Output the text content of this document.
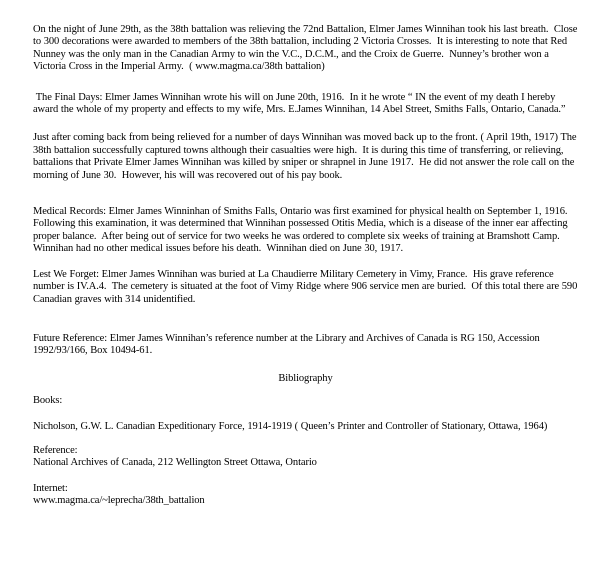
On the night of June 29th, as the 38th battalion was relieving the 72nd Battalion, Elmer James Winnihan took his last breath.  Close to 300 decorations were awarded to members of the 38th battalion, including 2 Victoria Crosses.  It is interesting to note that Red Nunney was the only man in the Canadian Army to win the V.C., D.C.M., and the Croix de Guerre.  Nunney’s brother won a Victoria Cross in the Imperial Army.  ( www.magma.ca/38th battalion)

The Final Days: Elmer James Winnihan wrote his will on June 20th, 1916.  In it he wrote “ IN the event of my death I hereby award the whole of my property and effects to my wife, Mrs. E.James Winnihan, 14 Abel Street, Smiths Falls, Ontario, Canada.”

Just after coming back from being relieved for a number of days Winnihan was moved back up to the front. ( April 19th, 1917) The 38th battalion successfully captured towns although their casualties were high.  It is during this time of transferring, or relieving, battalions that Private Elmer James Winnihan was killed by sniper or shrapnel in June 1917.  He did not answer the role call on the morning of June 30.  However, his will was recovered out of his pay book.

Medical Records: Elmer James Winninhan of Smiths Falls, Ontario was first examined for physical health on September 1, 1916.  Following this examination, it was determined that Winnihan possessed Otitis Media, which is a disease of the inner ear affecting proper balance.  After being out of service for two weeks he was ordered to complete six weeks of training at Bramshott Camp.  Winnihan had no other medical issues before his death.  Winnihan died on June 30, 1917.

Lest We Forget: Elmer James Winnihan was buried at La Chaudierre Military Cemetery in Vimy, France.  His grave reference number is IV.A.4.  The cemetery is situated at the foot of Vimy Ridge where 906 service men are buried.  Of this total there are 590 Canadian graves with 314 unidentified.

Future Reference: Elmer James Winnihan’s reference number at the Library and Archives of Canada is RG 150, Accession 1992/93/166, Box 10494-61.

Bibliography

Books:

Nicholson, G.W. L. Canadian Expeditionary Force, 1914-1919 ( Queen’s Printer and Controller of Stationary, Ottawa, 1964)

Reference:

National Archives of Canada, 212 Wellington Street Ottawa, Ontario

Internet:

www.magma.ca/~leprecha/38th_battalion
